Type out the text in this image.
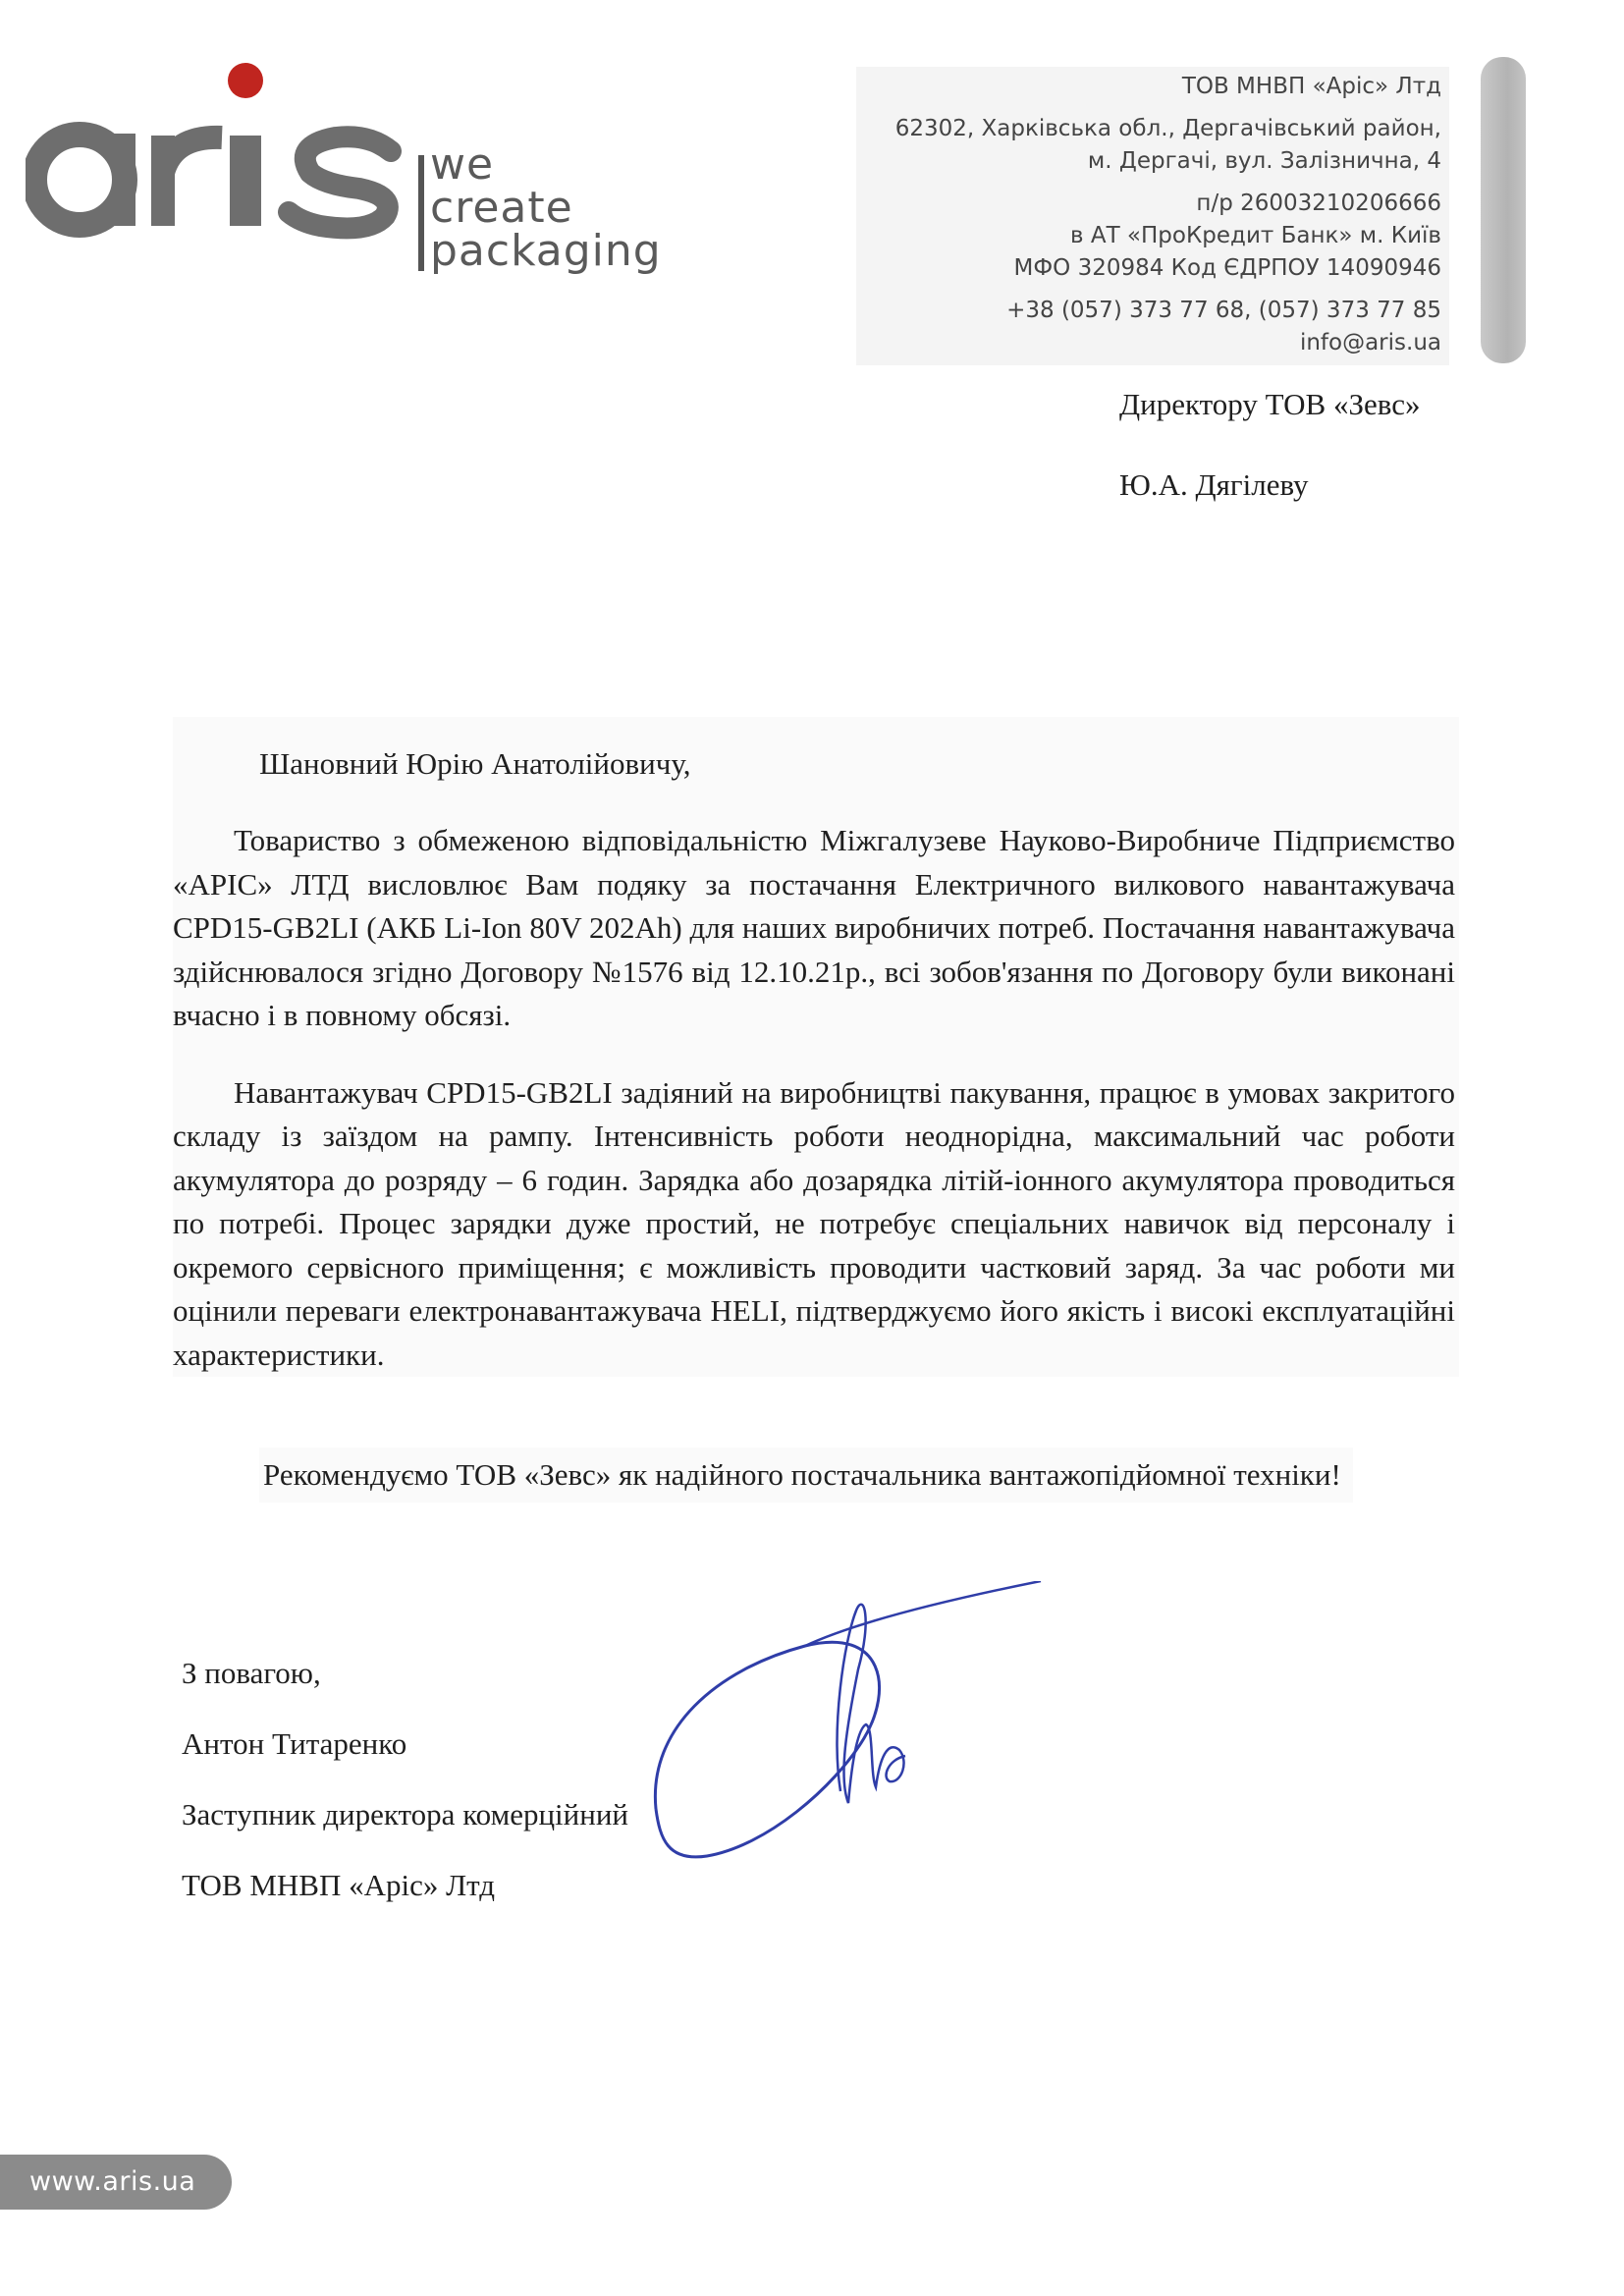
we
create
packaging
ТОВ МНВП «Аріс» Лтд
62302, Харківська обл., Дергачівський район,
м. Дергачі, вул. Залізнична, 4
п/р 26003210206666
в АТ «ПроКредит Банк» м. Київ
МФО 320984 Код ЄДРПОУ 14090946
+38 (057) 373 77 68, (057) 373 77 85
info@aris.ua
Директору ТОВ «Зевс»
Ю.А. Дягілеву
Шановний Юрію Анатолійовичу,

Товариство з обмеженою відповідальністю Міжгалузеве Науково-Виробниче Підприємство «АРІС» ЛТД висловлює Вам подяку за постачання Електричного вилкового навантажувача CPD15-GB2LI (АКБ Li-Ion 80V 202Ah) для наших виробничих потреб. Постачання навантажувача здійснювалося згідно Договору №1576 від 12.10.21р., всі зобов'язання по Договору були виконані вчасно і в повному обсязі.

Навантажувач CPD15-GB2LI задіяний на виробництві пакування, працює в умовах закритого складу із заїздом на рампу. Інтенсивність роботи неоднорідна, максимальний час роботи акумулятора до розряду – 6 годин. Зарядка або дозарядка літій-іонного акумулятора проводиться по потребі. Процес зарядки дуже простий, не потребує спеціальних навичок від персоналу і окремого сервісного приміщення; є можливість проводити частковий заряд. За час роботи ми оцінили переваги електронавантажувача HELI, підтверджуємо його якість і високі експлуатаційні характеристики.

Рекомендуємо ТОВ «Зевс» як надійного постачальника вантажопідйомної техніки!
З повагою,
Антон Титаренко
Заступник директора комерційний
ТОВ МНВП «Аріс» Лтд
www.aris.ua
